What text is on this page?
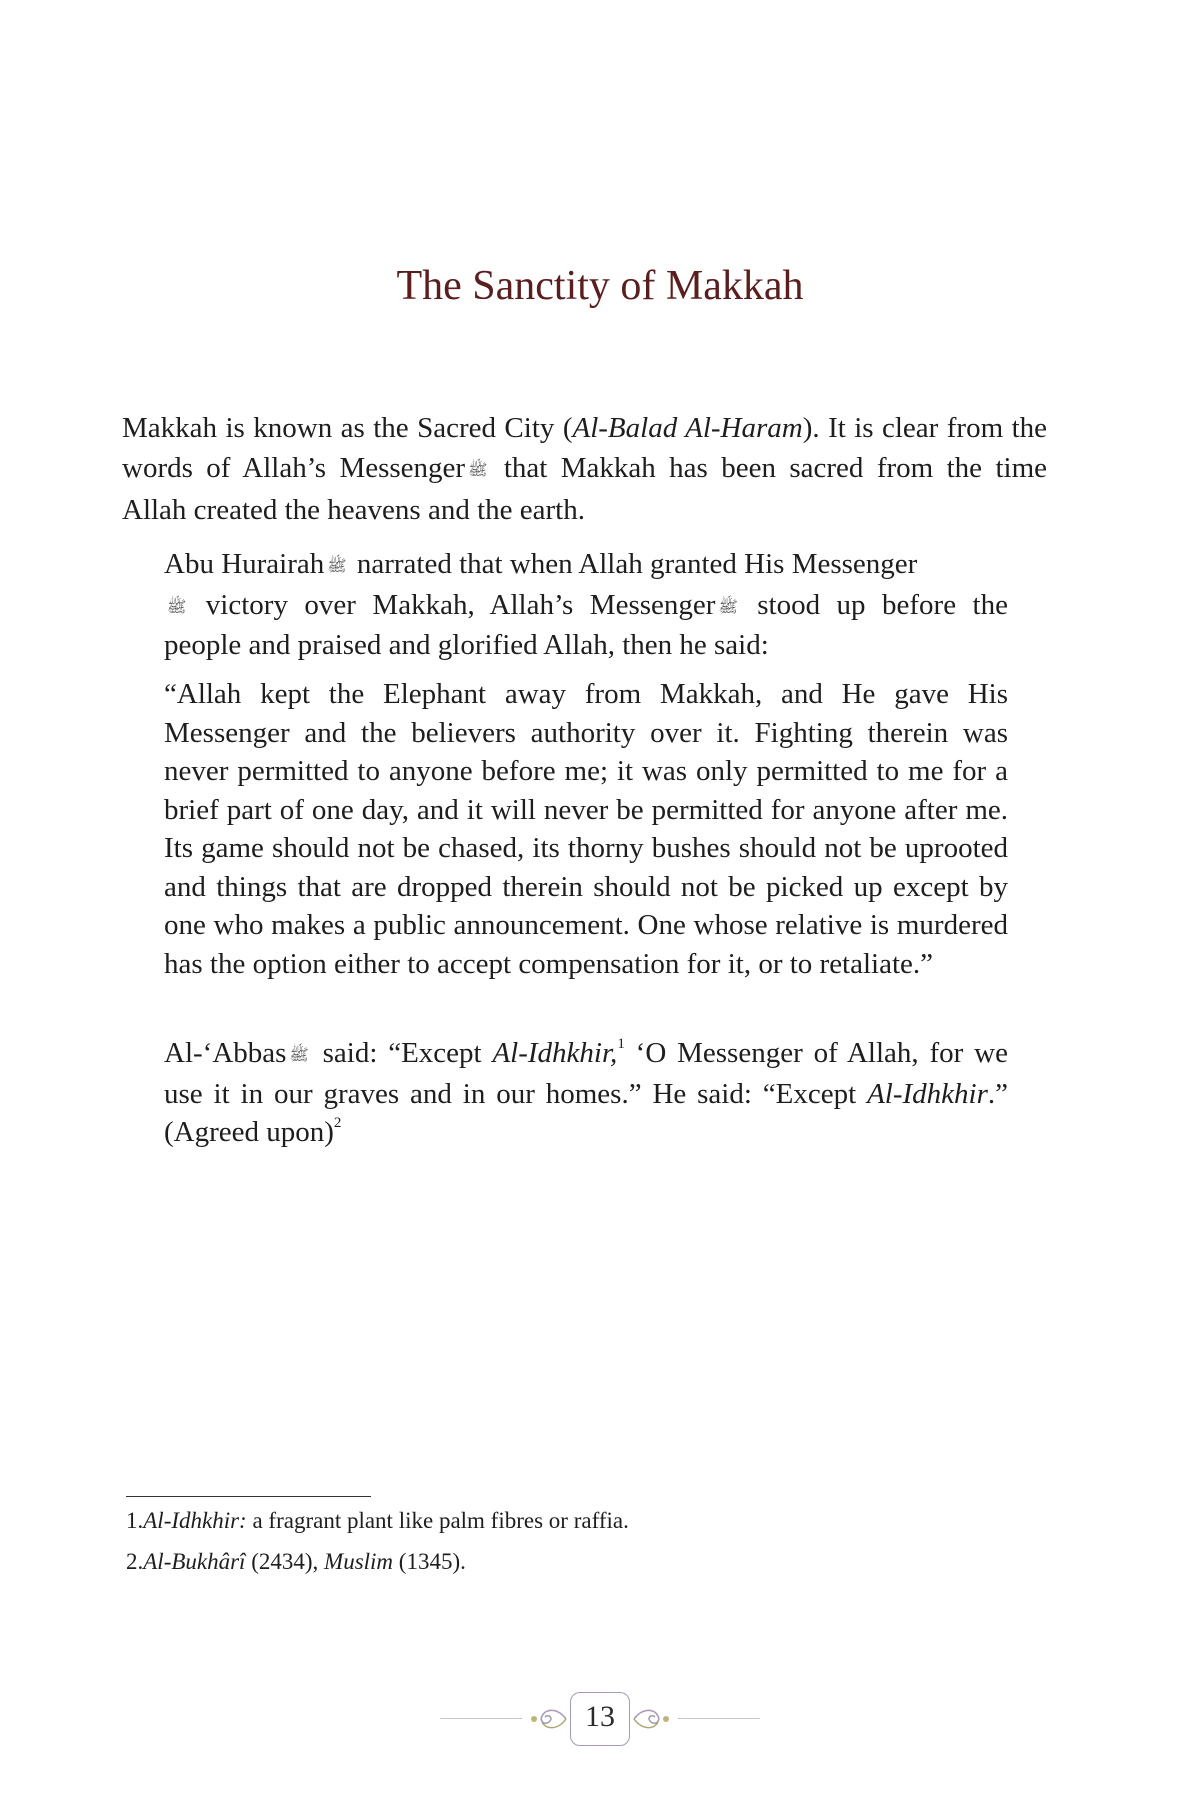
The Sanctity of Makkah

Makkah is known as the Sacred City (Al-Balad Al-Haram). It is clear from the words of Allah’s Messenger ﷺ that Makkah has been sacred from the time Allah created the heavens and the earth.

Abu Hurairah ﷺ narrated that when Allah granted His Messenger
ﷺ victory over Makkah, Allah’s Messenger ﷺ stood up before the people and praised and glorified Allah, then he said:

“Allah kept the Elephant away from Makkah, and He gave His Messenger and the believers authority over it. Fighting therein was never permitted to anyone before me; it was only permitted to me for a brief part of one day, and it will never be permitted for anyone after me. Its game should not be chased, its thorny bushes should not be uprooted and things that are dropped therein should not be picked up except by one who makes a public announcement. One whose relative is murdered has the option either to accept compensation for it, or to retaliate.”

Al-‘Abbas ﷺ said: “Except Al-Idhkhir,$^1$ ‘O Messenger of Allah, for we use it in our graves and in our homes.” He said: “Except Al-Idhkhir.” (Agreed upon)$^2$

1.Al-Idhkhir: a fragrant plant like palm fibres or raffia.

2.Al-Bukhârî (2434), Muslim (1345).

13
